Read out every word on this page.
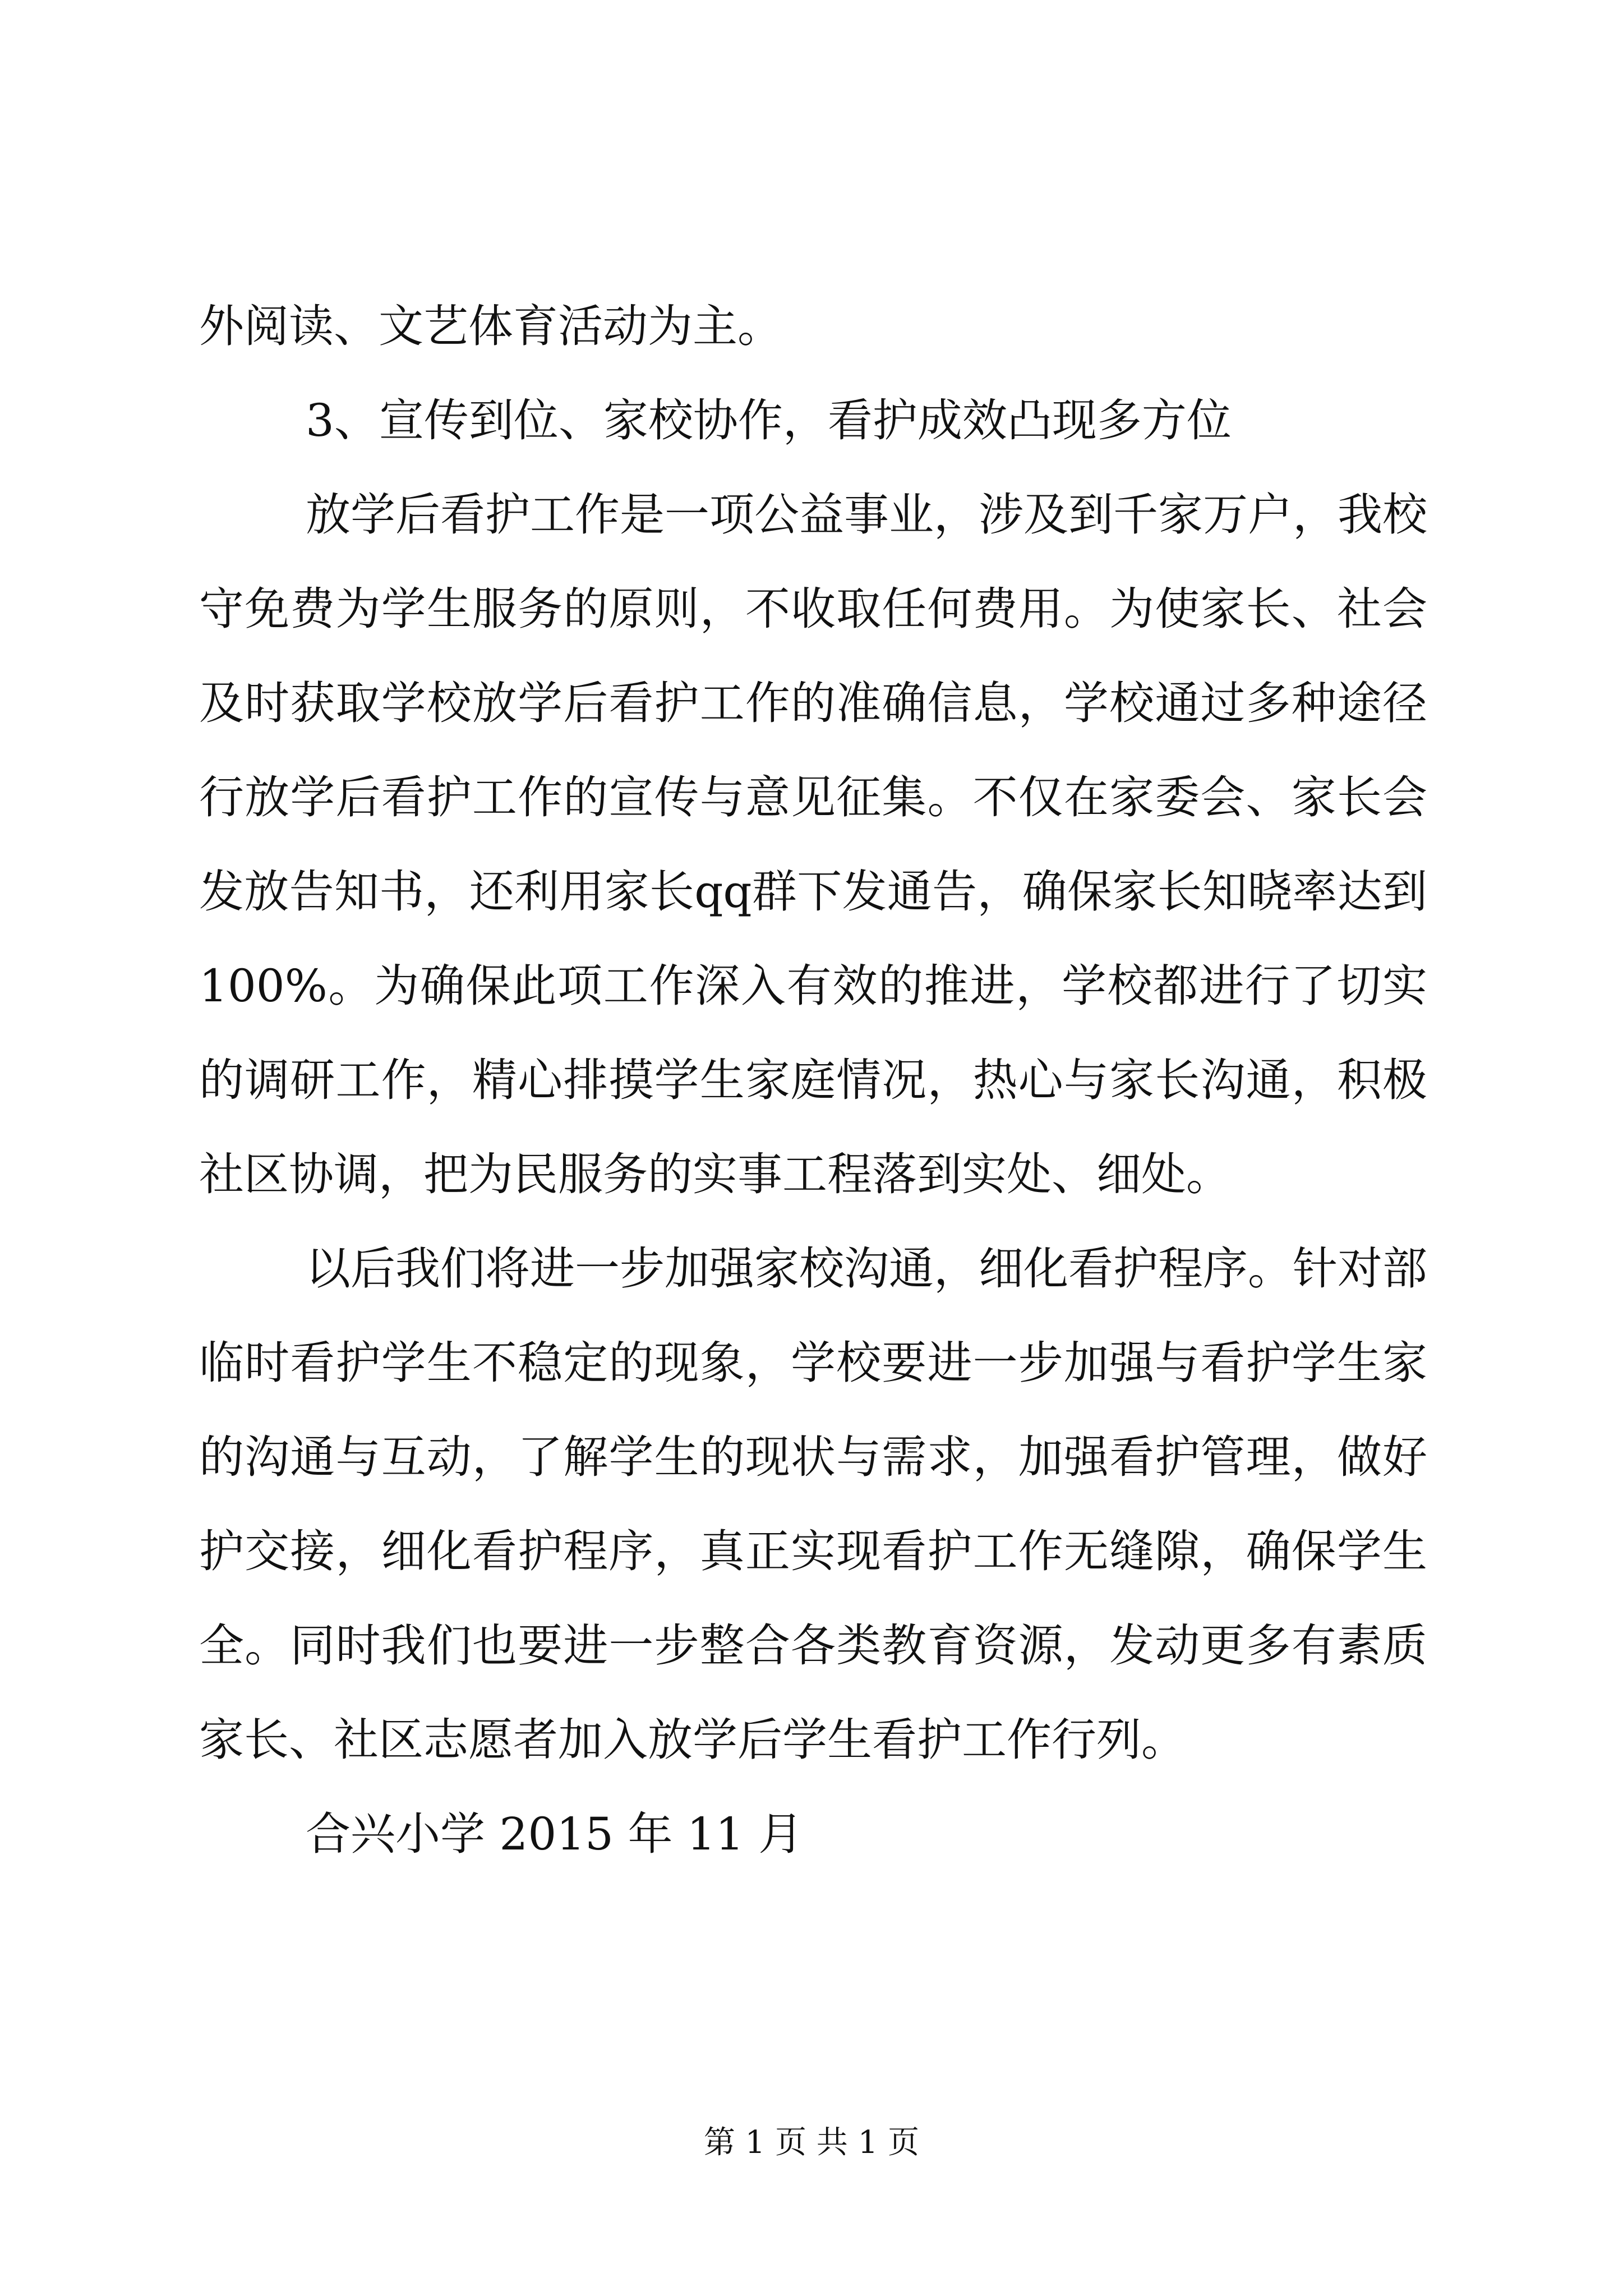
外阅读、文艺体育活动为主。

3、宣传到位、家校协作，看护成效凸现多方位

放学后看护工作是一项公益事业，涉及到千家万户，我校

守免费为学生服务的原则，不收取任何费用。为使家长、社会

及时获取学校放学后看护工作的准确信息，学校通过多种途径

行放学后看护工作的宣传与意见征集。不仅在家委会、家长会

发放告知书，还利用家长qq群下发通告，确保家长知晓率达到

100%。为确保此项工作深入有效的推进，学校都进行了切实

的调研工作，精心排摸学生家庭情况，热心与家长沟通，积极

社区协调，把为民服务的实事工程落到实处、细处。

以后我们将进一步加强家校沟通，细化看护程序。针对部

临时看护学生不稳定的现象，学校要进一步加强与看护学生家

的沟通与互动，了解学生的现状与需求，加强看护管理，做好

护交接，细化看护程序，真正实现看护工作无缝隙，确保学生

全。同时我们也要进一步整合各类教育资源，发动更多有素质

家长、社区志愿者加入放学后学生看护工作行列。

合兴小学 2015 年 11 月

第 1 页 共 1 页
